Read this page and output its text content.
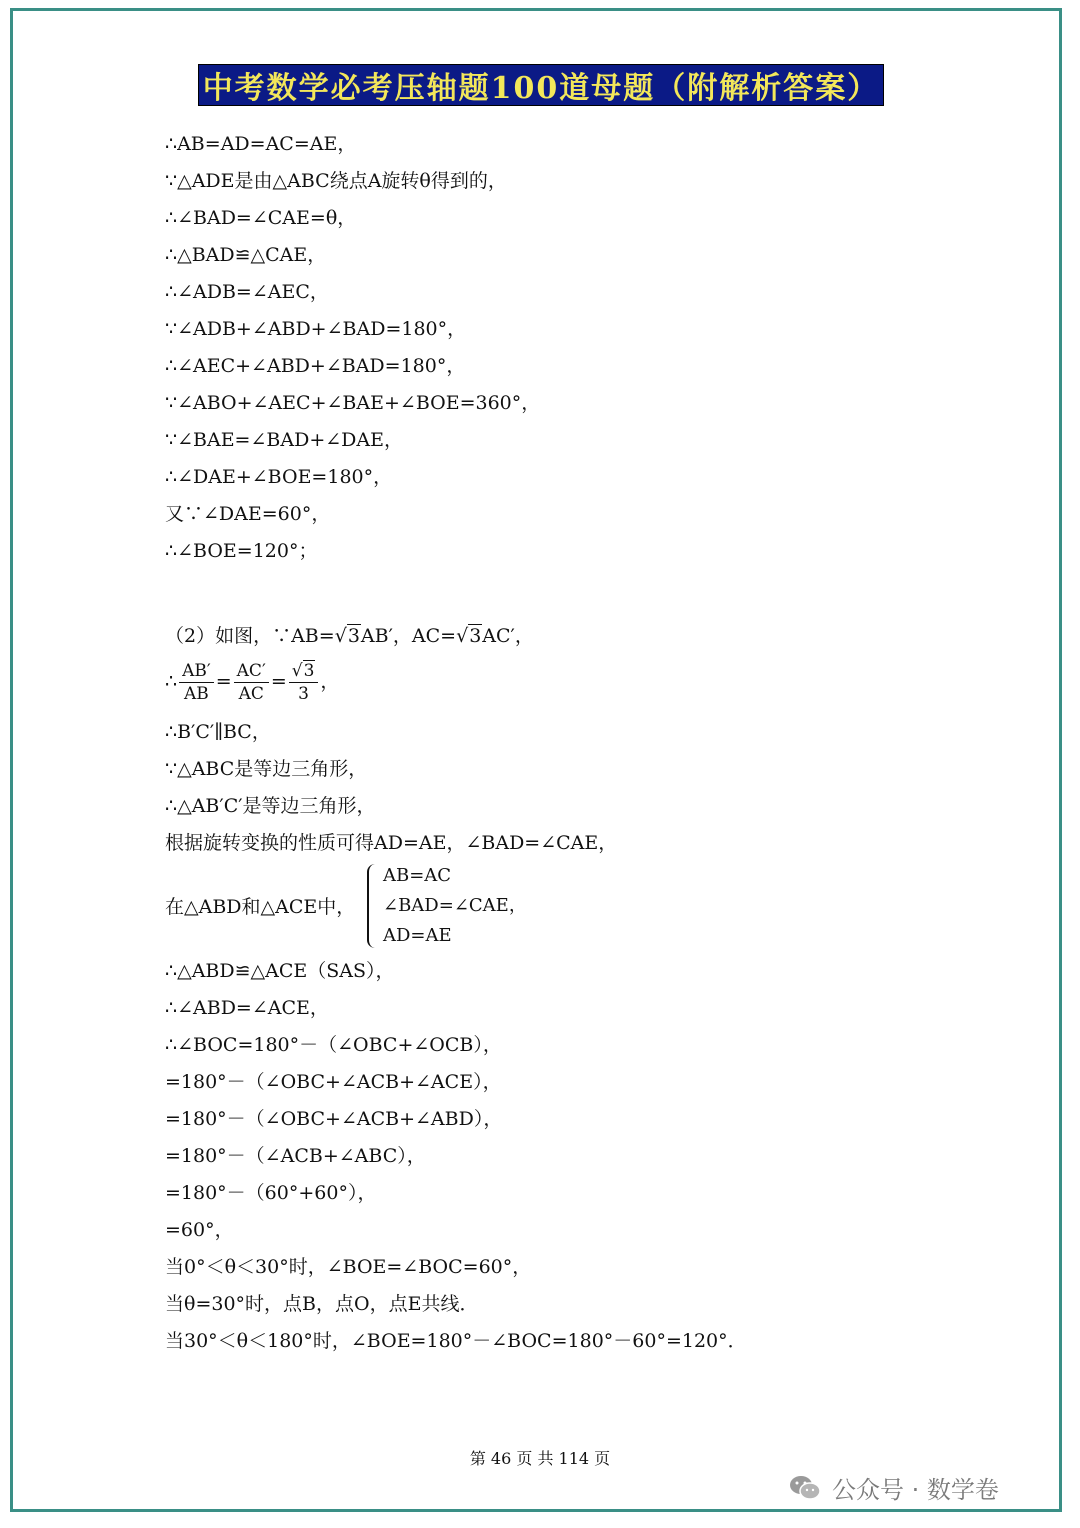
中考数学必考压轴题100道母题（附解析答案）
∴AB=AD=AC=AE，
∵△ADE是由△ABC绕点A旋转θ得到的，
∴∠BAD=∠CAE=θ，
∴△BAD≌△CAE，
∴∠ADB=∠AEC，
∵∠ADB+∠ABD+∠BAD=180°，
∴∠AEC+∠ABD+∠BAD=180°，
∵∠ABO+∠AEC+∠BAE+∠BOE=360°，
∵∠BAE=∠BAD+∠DAE，
∴∠DAE+∠BOE=180°，
又∵∠DAE=60°，
∴∠BOE=120°；
（2）如图，∵AB=√3AB′，AC=√3AC′，
∴ $\frac{AB'}{AB} = \frac{AC'}{AC} = \frac{√3}{3}$ ，
∴B′C′∥BC，
∵△ABC是等边三角形，
∴△AB′C′是等边三角形，
根据旋转变换的性质可得AD=AE，∠BAD=∠CAE，
在△ABD和△ACE中，
AB=AC
∠BAD=∠CAE，
AD=AE
∴△ABD≌△ACE（SAS），
∴∠ABD=∠ACE，
∴∠BOC=180°－（∠OBC+∠OCB），
=180°－（∠OBC+∠ACB+∠ACE），
=180°－（∠OBC+∠ACB+∠ABD），
=180°－（∠ACB+∠ABC），
=180°－（60°+60°），
=60°，
当0°＜θ＜30°时，∠BOE=∠BOC=60°，
当θ=30°时，点B，点O，点E共线．
当30°＜θ＜180°时，∠BOE=180°－∠BOC=180°－60°=120°．
第 46 页 共 114 页
公众号 · 数学卷
